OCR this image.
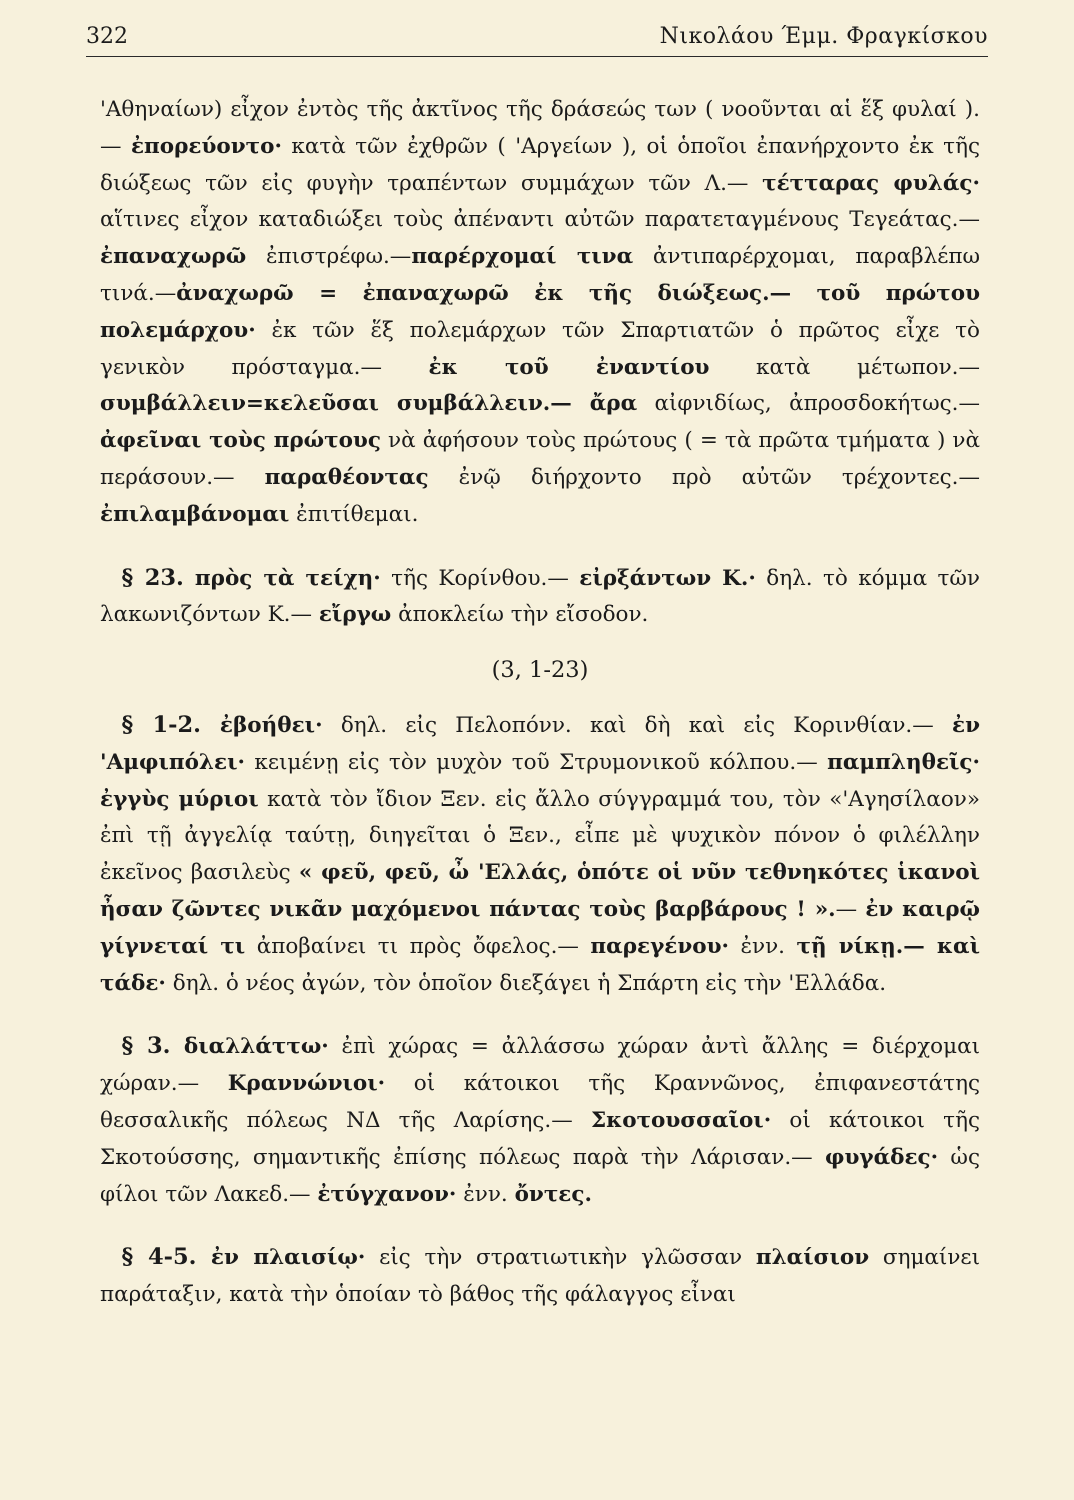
322	Νικολάου Έμμ. Φραγκίσκου

'Αθηναίων) εἶχον ἐντὸς τῆς ἀκτῖνος τῆς δράσεώς των ( νοοῦνται αἱ ἕξ φυλαί ).— ἐπορεύοντο· κατὰ τῶν ἐχθρῶν ( 'Αργείων ), οἱ ὁποῖοι ἐπανήρχοντο ἐκ τῆς διώξεως τῶν εἰς φυγὴν τραπέντων συμμάχων τῶν Λ.— τέτταρας φυλάς· αἵτινες εἶχον καταδιώξει τοὺς ἀπέναντι αὐτῶν παρατεταγμένους Τεγεάτας.—ἐπαναχωρῶ ἐπιστρέφω.—παρέρχομαί τινα ἀντιπαρέρχομαι, παραβλέπω τινά.—ἀναχωρῶ = ἐπαναχωρῶ ἐκ τῆς διώξεως.— τοῦ πρώτου πολεμάρχου· ἐκ τῶν ἕξ πολεμάρχων τῶν Σπαρτιατῶν ὁ πρῶτος εἶχε τὸ γενικὸν πρόσταγμα.— ἐκ τοῦ ἐναντίου κατὰ μέτωπον.—συμβάλλειν=κελεῦσαι συμβάλλειν.— ἄρα αἰφνιδίως, ἀπροσδοκήτως.— ἀφεῖναι τοὺς πρώτους νὰ ἀφήσουν τοὺς πρώτους ( = τὰ πρῶτα τμήματα ) νὰ περάσουν.— παραθέοντας ἐνῷ διήρχοντο πρὸ αὐτῶν τρέχοντες.— ἐπιλαμβάνομαι ἐπιτίθεμαι.

 § 23. πρὸς τὰ τείχη· τῆς Κορίνθου.— εἰρξάντων Κ.· δηλ. τὸ κόμμα τῶν λακωνιζόντων Κ.— εἴργω ἀποκλείω τὴν εἴσοδον.

(3, 1-23)

 § 1-2. ἐβοήθει· δηλ. εἰς Πελοπόνν. καὶ δὴ καὶ εἰς Κορινθίαν.— ἐν 'Αμφιπόλει· κειμένῃ εἰς τὸν μυχὸν τοῦ Στρυμονικοῦ κόλπου.— παμπληθεῖς· ἐγγὺς μύριοι κατὰ τὸν ἴδιον Ξεν. εἰς ἄλλο σύγγραμμά του, τὸν «'Αγησίλαον» ἐπὶ τῇ ἀγγελίᾳ ταύτῃ, διηγεῖται ὁ Ξεν., εἶπε μὲ ψυχικὸν πόνον ὁ φιλέλλην ἐκεῖνος βασιλεὺς « φεῦ, φεῦ, ὦ 'Ελλάς, ὁπότε οἱ νῦν τεθνηκότες ἱκανοὶ ἦσαν ζῶντες νικᾶν μαχόμενοι πάντας τοὺς βαρβάρους ! ».— ἐν καιρῷ γίγνεταί τι ἀποβαίνει τι πρὸς ὄφελος.— παρεγένου· ἐνν. τῇ νίκῃ.— καὶ τάδε· δηλ. ὁ νέος ἀγών, τὸν ὁποῖον διεξάγει ἡ Σπάρτη εἰς τὴν 'Ελλάδα.

 § 3. διαλλάττω· ἐπὶ χώρας = ἀλλάσσω χώραν ἀντὶ ἄλλης = διέρχομαι χώραν.— Κραννώνιοι· οἱ κάτοικοι τῆς Κραννῶνος, ἐπιφανεστάτης θεσσαλικῆς πόλεως ΝΔ τῆς Λαρίσης.— Σκοτουσσαῖοι· οἱ κάτοικοι τῆς Σκοτούσσης, σημαντικῆς ἐπίσης πόλεως παρὰ τὴν Λάρισαν.— φυγάδες· ὡς φίλοι τῶν Λακεδ.— ἐτύγχανον· ἐνν. ὄντες.

 § 4-5. ἐν πλαισίῳ· εἰς τὴν στρατιωτικὴν γλῶσσαν πλαίσιον σημαίνει παράταξιν, κατὰ τὴν ὁποίαν τὸ βάθος τῆς φάλαγγος εἶναι
